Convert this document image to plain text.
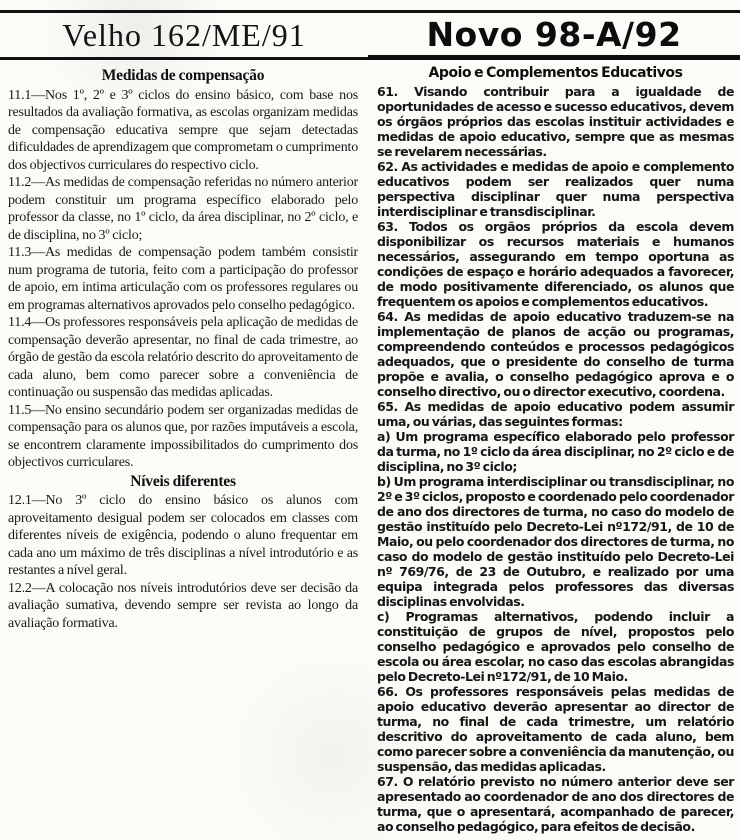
Velho 162/ME/91	Novo 98-A/92
Medidas de compensação

11.1—Nos 1º, 2º e 3º ciclos do ensino básico, com base nos resultados da avaliação formativa, as escolas organizam medidas de compensação educativa sempre que sejam detectadas dificuldades de aprendizagem que comprometam o cumprimento dos objectivos curriculares do respectivo ciclo.

11.2—As medidas de compensação referidas no número anterior podem constituir um programa específico elaborado pelo professor da classe, no 1º ciclo, da área disciplinar, no 2º ciclo, e de disciplina, no 3º ciclo;

11.3—As medidas de compensação podem também consistir num programa de tutoria, feito com a participação do professor de apoio, em intima articulação com os professores regulares ou em programas alternativos aprovados pelo conselho pedagógico.

11.4—Os professores responsáveis pela aplicação de medidas de compensação deverão apresentar, no final de cada trimestre, ao órgão de gestão da escola relatório descrito do aproveitamento de cada aluno, bem como parecer sobre a conveniência de continuação ou suspensão das medidas aplicadas.

11.5—No ensino secundário podem ser organizadas medidas de compensação para os alunos que, por razões imputáveis a escola, se encontrem claramente impossibilitados do cumprimento dos objectivos curriculares.

Níveis diferentes

12.1—No 3º ciclo do ensino básico os alunos com aproveitamento desigual podem ser colocados em classes com diferentes níveis de exigência, podendo o aluno frequentar em cada ano um máximo de três disciplinas a nível introdutório e as restantes a nível geral.

12.2—A colocação nos níveis introdutórios deve ser decisão da avaliação sumativa, devendo sempre ser revista ao longo da avaliação formativa.

Apoio e Complementos Educativos

61. Visando contribuir para a igualdade de oportunidades de acesso e sucesso educativos, devem os órgãos próprios das escolas instituir actividades e medidas de apoio educativo, sempre que as mesmas se revelarem necessárias.

62. As actividades e medidas de apoio e complemento educativos podem ser realizados quer numa perspectiva disciplinar quer numa perspectiva interdisciplinar e transdisciplinar.

63. Todos os orgãos próprios da escola devem disponibilizar os recursos materiais e humanos necessários, assegurando em tempo oportuna as condições de espaço e horário adequados a favorecer, de modo positivamente diferenciado, os alunos que frequentem os apoios e complementos educativos.

64. As medidas de apoio educativo traduzem-se na implementação de planos de acção ou programas, compreendendo conteúdos e processos pedagógicos adequados, que o presidente do conselho de turma propõe e avalia, o conselho pedagógico aprova e o conselho directivo, ou o director executivo, coordena.

65. As medidas de apoio educativo podem assumir uma, ou várias, das seguintes formas:

a) Um programa específico elaborado pelo professor da turma, no 1º ciclo da área disciplinar, no 2º ciclo e de disciplina, no 3º ciclo;

b) Um programa interdisciplinar ou transdisciplinar, no 2º e 3º ciclos, proposto e coordenado pelo coordenador de ano dos directores de turma, no caso do modelo de gestão instituído pelo Decreto-Lei nº172/91, de 10 de Maio, ou pelo coordenador dos directores de turma, no caso do modelo de gestão instituído pelo Decreto-Lei nº 769/76, de 23 de Outubro, e realizado por uma equipa integrada pelos professores das diversas disciplinas envolvidas.

c) Programas alternativos, podendo incluir a constituição de grupos de nível, propostos pelo conselho pedagógico e aprovados pelo conselho de escola ou área escolar, no caso das escolas abrangidas pelo Decreto-Lei nº172/91, de 10 Maio.

66. Os professores responsáveis pelas medidas de apoio educativo deverão apresentar ao director de turma, no final de cada trimestre, um relatório descritivo do aproveitamento de cada aluno, bem como parecer sobre a conveniência da manutenção, ou suspensão, das medidas aplicadas.

67. O relatório previsto no número anterior deve ser apresentado ao coordenador de ano dos directores de turma, que o apresentará, acompanhado de parecer, ao conselho pedagógico, para efeitos de decisão.
